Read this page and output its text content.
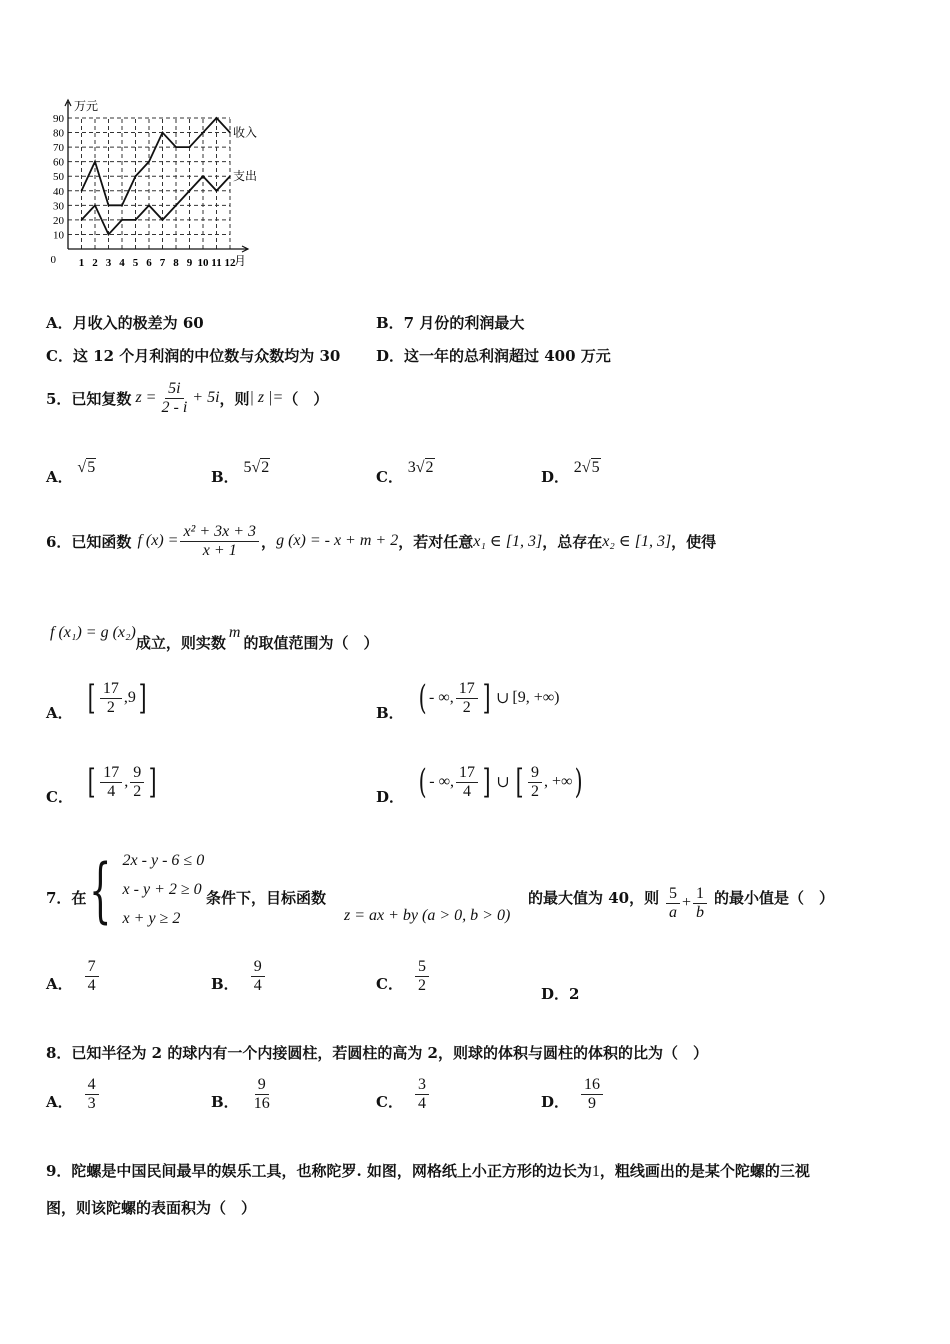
0
10
20
30
40
50
60
70
80
90
1 2 3 4 5 6 7 8 9 10 11 12
万元
月
收入
支出
A．月收入的极差为 60	B．7 月份的利润最大
C．这 12 个月利润的中位数与众数均为 30 D．这一年的总利润超过 400 万元
5．已知复数 $z = \frac{5i}{2 - i} + 5i$ ，则 | z |= （　）
A． √5
B． 5√2
C． 3√2
D． 2√5
6．已知函数 f $(x) = \frac{\text{x² + 3x + 3}}{x + 1}$ ， g (x) = - x + m + 2 ，若对任意 x₁ ∈ [1, 3] ，总存在 x₂ ∈ [1, 3] ，使得
f (x₁) = g (x₂)
成立，则实数
m
的取值范围为（　）
A． [ $\frac{17}{2} ,9$ ]	B． ( - ∞, $\frac{17}{2}$ ] ∪ [9, +∞)
C． [ $\frac{17}{4}$ , $\frac{9}{2}$ ]	D． ( - ∞, $\frac{17}{4}$ ] ∪ [ $\frac{9}{2}$ , +∞ )
7．在 { 2x - y - 6 ≤ 0
x - y + 2 ≥ 0
x + y ≥ 2
条件下，目标函数
z = ax + by (a > 0, b > 0)
的最大值为 40，则 $\frac{5}{a} + \frac{1}{b}$ 的最小值是（　）
A． $\frac{7}{4}$	B． $\frac{9}{4}$	C． $\frac{5}{2}$	D．2
8．已知半径为 2 的球内有一个内接圆柱，若圆柱的高为 2，则球的体积与圆柱的体积的比为（　）
A． $\frac{4}{3}$	B． $\frac{9}{16}$	C． $\frac{3}{4}$	D． $\frac{16}{9}$
9．陀螺是中国民间最早的娱乐工具，也称陀罗. 如图，网格纸上小正方形的边长为1，粗线画出的是某个陀螺的三视
图，则该陀螺的表面积为（　）
